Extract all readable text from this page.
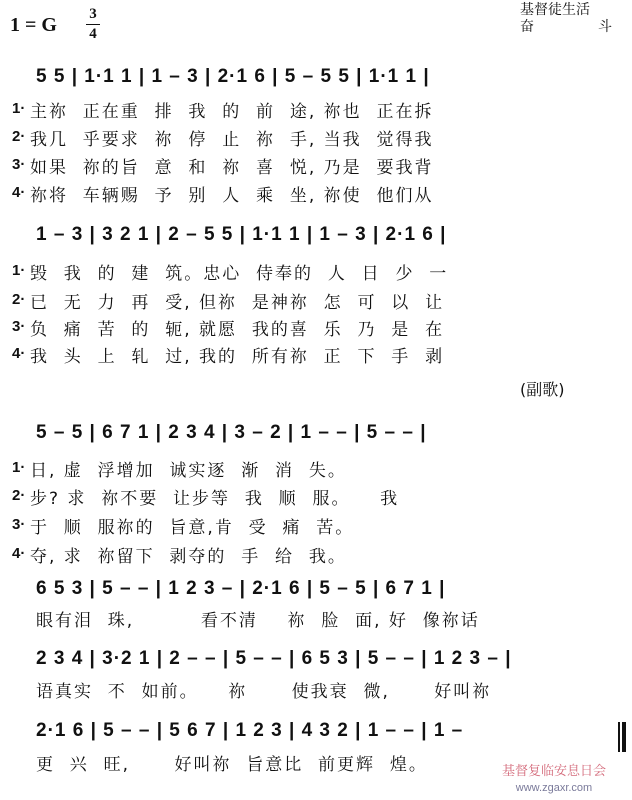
1 = G 3
4
基督徒生活
奋	斗
5 5 | 1·1 1 | 1 – 3 | 2·1 6 | 5 – 5 5 | 1·1 1 |
1· 主祢  正在重  排  我  的  前  途, 祢也  正在拆
2· 我几  乎要求  祢  停  止  祢  手, 当我  觉得我
3· 如果  祢的旨  意  和  祢  喜  悦, 乃是  要我背
4· 祢将  车辆赐  予  别  人  乘  坐, 祢使  他们从
1 – 3 | 3 2 1 | 2 – 5 5 | 1·1 1 | 1 – 3 | 2·1 6 |
1· 毁  我  的  建  筑。忠心  侍奉的  人  日  少  一
2· 已  无  力  再  受, 但祢  是神祢  怎  可  以  让
3· 负  痛  苦  的  轭, 就愿  我的喜  乐  乃  是  在
4· 我  头  上  轧  过, 我的  所有祢  正  下  手  剥
(副歌)
5 – 5 | 6 7 1 | 2 3 4 | 3 – 2 | 1 – – | 5 – – |
1· 日, 虚  浮增加  诚实逐  渐  消  失。
2· 步? 求  祢不要  让步等  我  顺  服。    我
3· 于  顺  服祢的  旨意,肯  受  痛  苦。
4· 夺, 求  祢留下  剥夺的  手  给  我。
6 5 3 | 5 – – | 1 2 3 – | 2·1 6 | 5 – 5 | 6 7 1 |
眼有泪  珠,         看不清    祢  脸  面, 好  像祢话
2 3 4 | 3·2 1 | 2 – – | 5 – – | 6 5 3 | 5 – – | 1 2 3 – |
语真实  不  如前。    祢      使我衰  微,      好叫祢
2·1 6 | 5 – – | 5 6 7 | 1 2 3 | 4 3 2 | 1 – – | 1 –
更  兴  旺,      好叫祢  旨意比  前更辉  煌。	基督复临安息日会
www.zgaxr.com
